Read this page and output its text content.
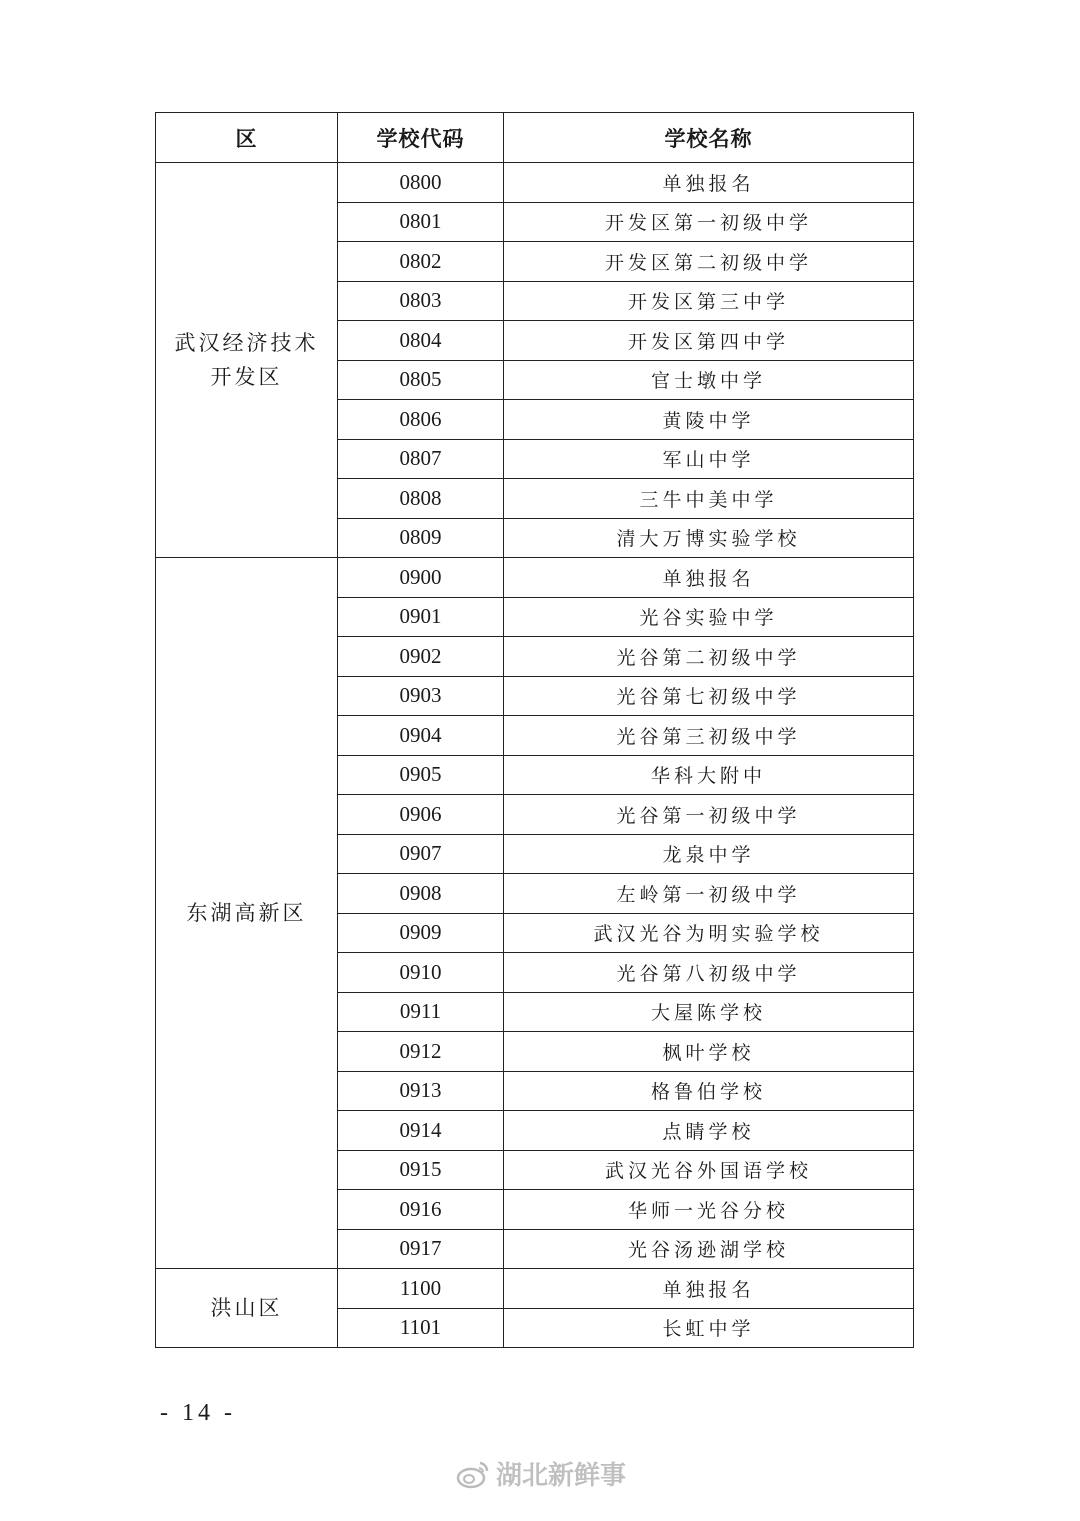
区	学校代码	学校名称
武汉经济技术开发区	0800	单独报名
	0801	开发区第一初级中学
	0802	开发区第二初级中学
	0803	开发区第三中学
	0804	开发区第四中学
	0805	官士墩中学
	0806	黄陵中学
	0807	军山中学
	0808	三牛中美中学
	0809	清大万博实验学校
东湖高新区	0900	单独报名
	0901	光谷实验中学
	0902	光谷第二初级中学
	0903	光谷第七初级中学
	0904	光谷第三初级中学
	0905	华科大附中
	0906	光谷第一初级中学
	0907	龙泉中学
	0908	左岭第一初级中学
	0909	武汉光谷为明实验学校
	0910	光谷第八初级中学
	0911	大屋陈学校
	0912	枫叶学校
	0913	格鲁伯学校
	0914	点睛学校
	0915	武汉光谷外国语学校
	0916	华师一光谷分校
	0917	光谷汤逊湖学校
洪山区	1100	单独报名
	1101	长虹中学
- 14 -
湖北新鲜事
